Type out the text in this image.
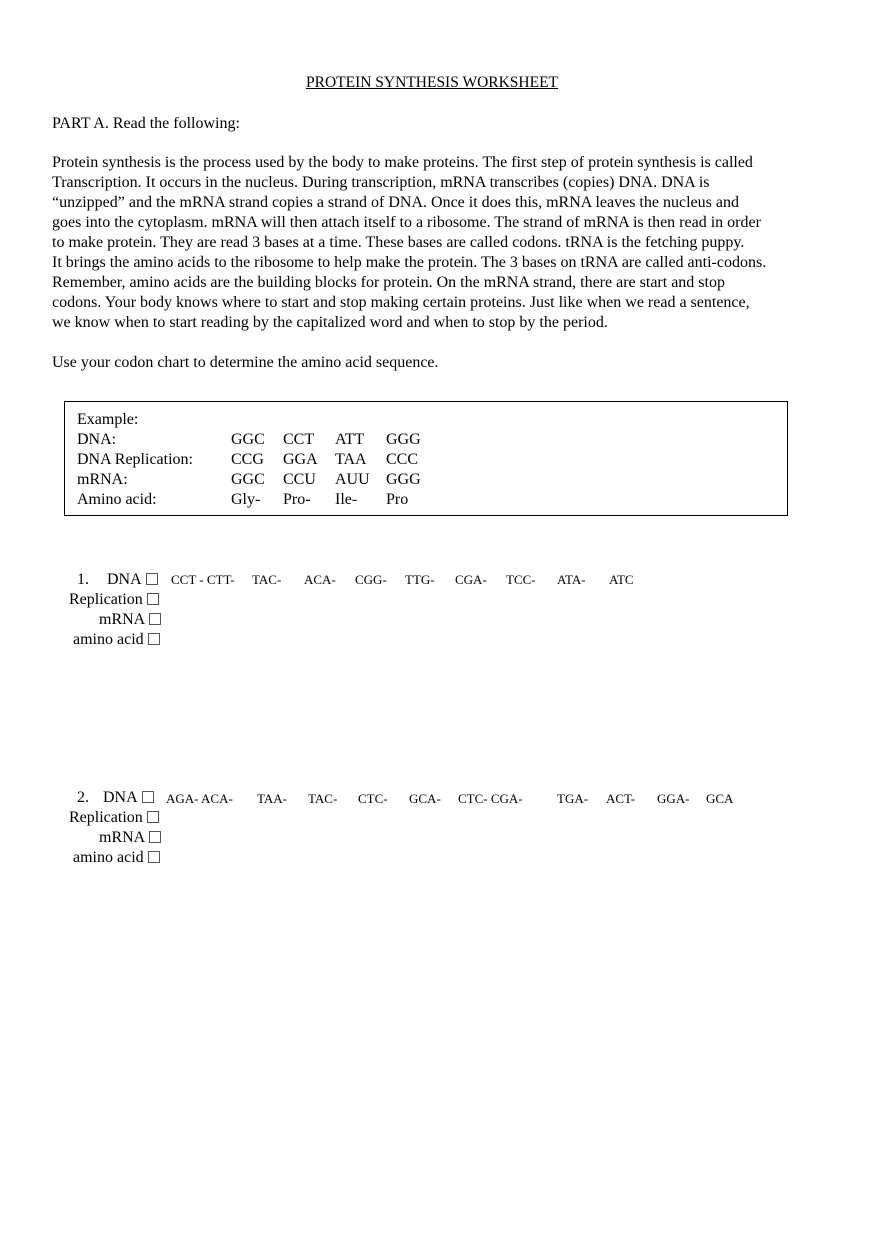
PROTEIN SYNTHESIS WORKSHEET
PART A. Read the following:
Protein synthesis is the process used by the body to make proteins. The first step of protein synthesis is called
Transcription. It occurs in the nucleus. During transcription, mRNA transcribes (copies) DNA. DNA is
“unzipped” and the mRNA strand copies a strand of DNA. Once it does this, mRNA leaves the nucleus and
goes into the cytoplasm. mRNA will then attach itself to a ribosome. The strand of mRNA is then read in order
to make protein. They are read 3 bases at a time. These bases are called codons. tRNA is the fetching puppy.
It brings the amino acids to the ribosome to help make the protein. The 3 bases on tRNA are called anti-codons.
Remember, amino acids are the building blocks for protein. On the mRNA strand, there are start and stop
codons. Your body knows where to start and stop making certain proteins. Just like when we read a sentence,
we know when to start reading by the capitalized word and when to stop by the period.
Use your codon chart to determine the amino acid sequence.
Example:
DNA:	GGC CCT ATT GGG
DNA Replication: CCG GGA TAA CCC
mRNA:	GGC CCU AUU GGG
Amino acid:	Gly- Pro- Ile- Pro
1. DNA	CCT - CTT- TAC- ACA- CGG- TTG- CGA- TCC- ATA- ATC
Replication
mRNA
amino acid
2. DNA	AGA- ACA- TAA- TAC- CTC- GCA- CTC- CGA-	TGA- ACT- GGA- GCA
Replication
mRNA
amino acid
